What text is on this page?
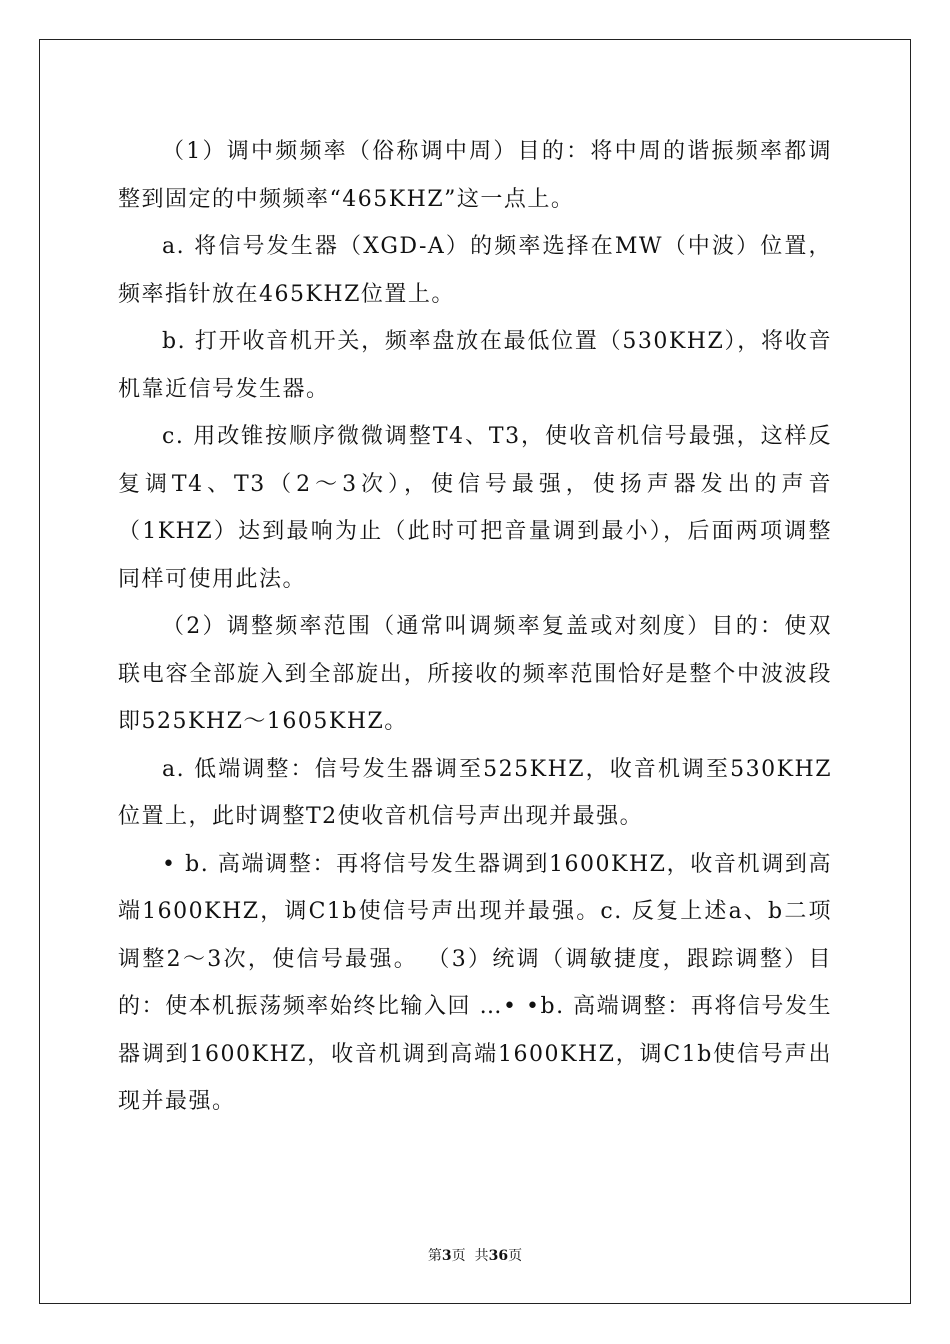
（1）调中频频率（俗称调中周）目的：将中周的谐振频率都调整到固定的中频频率“465KHZ”这一点上。

a. 将信号发生器（XGD-A）的频率选择在MW（中波）位置，频率指针放在465KHZ位置上。

b. 打开收音机开关，频率盘放在最低位置（530KHZ），将收音机靠近信号发生器。

c. 用改锥按顺序微微调整T4、T3，使收音机信号最强，这样反复调T4、T3（2～3次），使信号最强，使扬声器发出的声音（1KHZ）达到最响为止（此时可把音量调到最小），后面两项调整同样可使用此法。

（2）调整频率范围（通常叫调频率复盖或对刻度）目的：使双联电容全部旋入到全部旋出，所接收的频率范围恰好是整个中波波段即525KHZ～1605KHZ。

a. 低端调整：信号发生器调至525KHZ，收音机调至530KHZ位置上，此时调整T2使收音机信号声出现并最强。

• b. 高端调整：再将信号发生器调到1600KHZ，收音机调到高端1600KHZ，调C1b使信号声出现并最强。c. 反复上述a、b二项调整2～3次，使信号最强。 （3）统调（调敏捷度，跟踪调整）目的：使本机振荡频率始终比输入回 …• •b. 高端调整：再将信号发生器调到1600KHZ，收音机调到高端1600KHZ，调C1b使信号声出现并最强。

第3页  共36页
